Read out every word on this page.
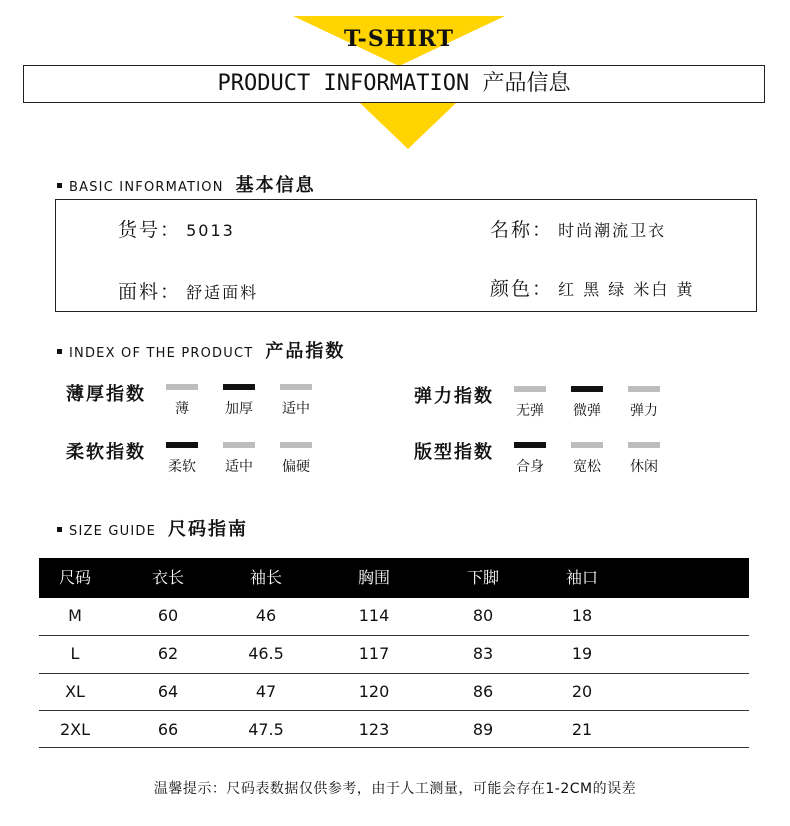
T-SHIRT
PRODUCT INFORMATION 产品信息
BASIC INFORMATION 基本信息
货号： 5013	名称： 时尚潮流卫衣
面料： 舒适面料	颜色： 红 黑 绿 米白 黄
INDEX OF THE PRODUCT 产品指数
薄厚指数
薄	加厚	适中
弹力指数
无弹	微弹	弹力
柔软指数
柔软	适中	偏硬
版型指数
合身	宽松	休闲
SIZE GUIDE 尺码指南
尺码	衣长	袖长	胸围	下脚	袖口
M	60	46	114	80	18
L	62	46.5	117	83	19
XL	64	47	120	86	20
2XL	66	47.5	123	89	21
温馨提示：尺码表数据仅供参考，由于人工测量，可能会存在1-2CM的误差
